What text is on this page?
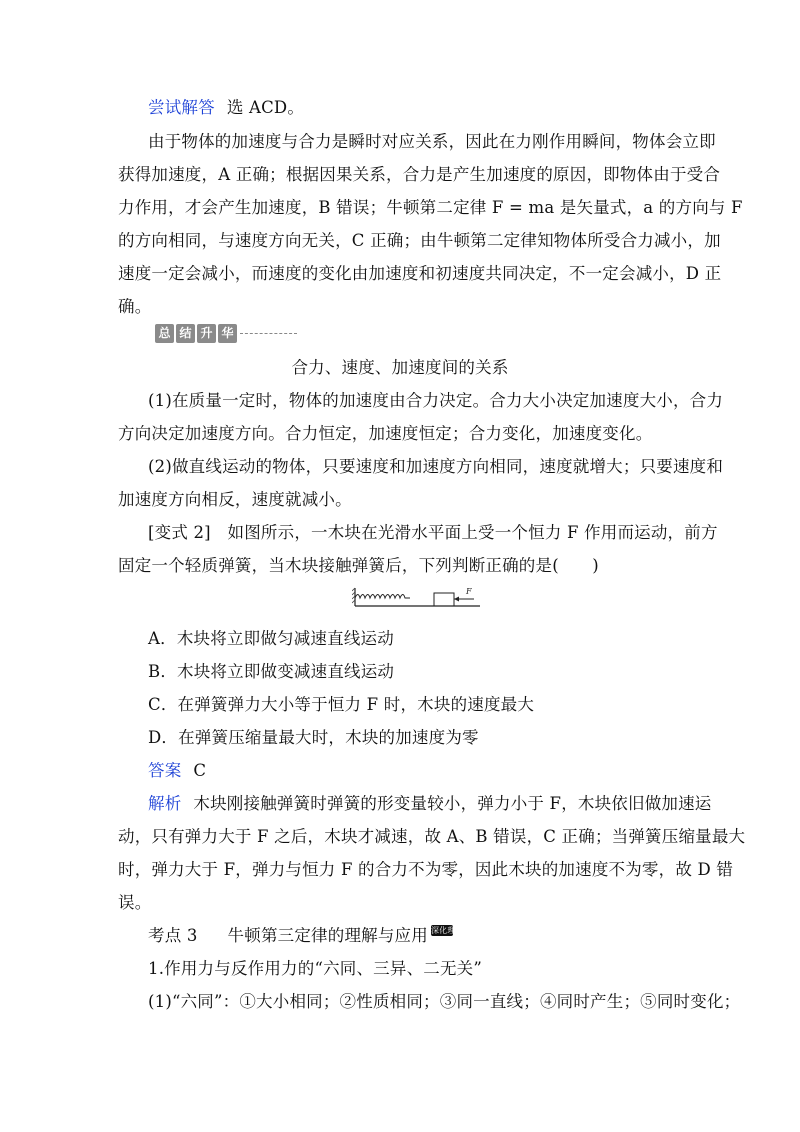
尝试解答 选 ACD。
由于物体的加速度与合力是瞬时对应关系，因此在力刚作用瞬间，物体会立即
获得加速度，A 正确；根据因果关系，合力是产生加速度的原因，即物体由于受合
力作用，才会产生加速度，B 错误；牛顿第二定律 F = ma 是矢量式，a 的方向与 F
的方向相同，与速度方向无关，C 正确；由牛顿第二定律知物体所受合力减小，加
速度一定会减小，而速度的变化由加速度和初速度共同决定，不一定会减小，D 正
确。
总 结 升 华
合力、速度、加速度间的关系
(1)在质量一定时，物体的加速度由合力决定。合力大小决定加速度大小，合力
方向决定加速度方向。合力恒定，加速度恒定；合力变化，加速度变化。
(2)做直线运动的物体，只要速度和加速度方向相同，速度就增大；只要速度和
加速度方向相反，速度就减小。
[变式 2]　如图所示，一木块在光滑水平面上受一个恒力 F 作用而运动，前方
固定一个轻质弹簧，当木块接触弹簧后，下列判断正确的是(　　)
F
A．木块将立即做匀减速直线运动
B．木块将立即做变减速直线运动
C．在弹簧弹力大小等于恒力 F 时，木块的速度最大
D．在弹簧压缩量最大时，木块的加速度为零
答案 C
解析 木块刚接触弹簧时弹簧的形变量较小，弹力小于 F，木块依旧做加速运
动，只有弹力大于 F 之后，木块才减速，故 A、B 错误，C 正确；当弹簧压缩量最大
时，弹力大于 F，弹力与恒力 F 的合力不为零，因此木块的加速度不为零，故 D 错
误。
考点 3 牛顿第三定律的理解与应用 深化理解
1.作用力与反作用力的“六同、三异、二无关”
(1)“六同”：①大小相同；②性质相同；③同一直线；④同时产生；⑤同时变化；
